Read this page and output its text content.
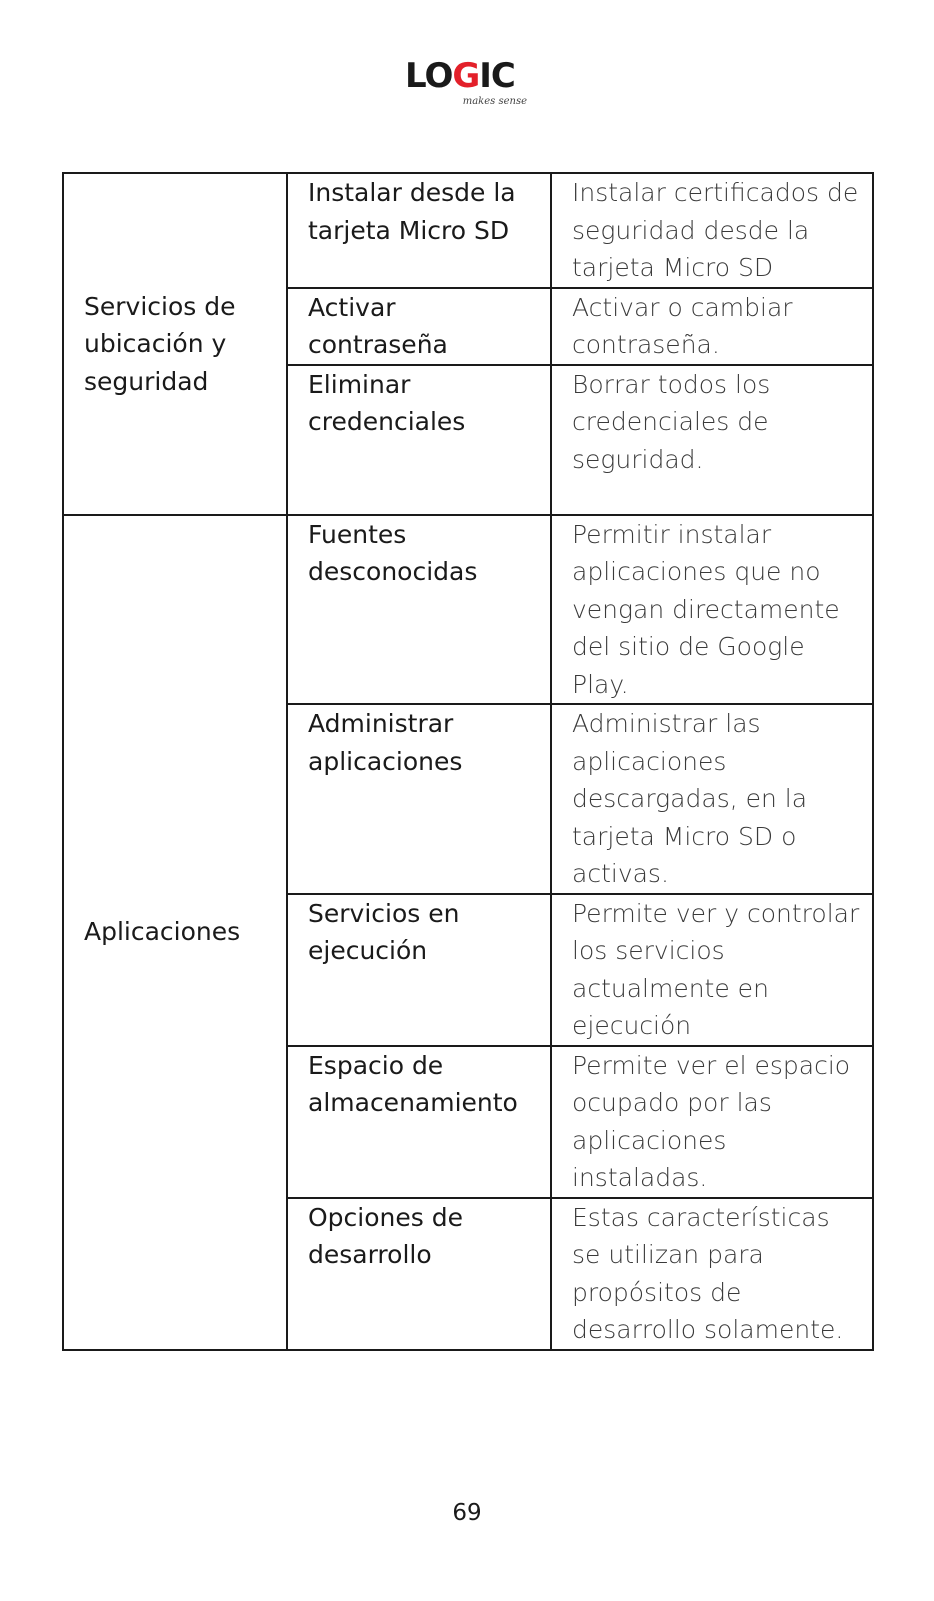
LOGIC
makes sense
Servicios de ubicación y seguridad	Instalar desde la tarjeta Micro SD	Instalar certificados de seguridad desde la tarjeta Micro SD
	Activar contraseña	Activar o cambiar contraseña.
	Eliminar credenciales	Borrar todos los credenciales de seguridad.
Aplicaciones	Fuentes desconocidas	Permitir instalar aplicaciones que no vengan directamente del sitio de Google Play.
	Administrar aplicaciones	Administrar las aplicaciones descargadas, en la tarjeta Micro SD o activas.
	Servicios en ejecución	Permite ver y controlar los servicios actualmente en ejecución
	Espacio de almacenamiento	Permite ver el espacio ocupado por las aplicaciones instaladas.
	Opciones de desarrollo	Estas características se utilizan para propósitos de desarrollo solamente.
69
